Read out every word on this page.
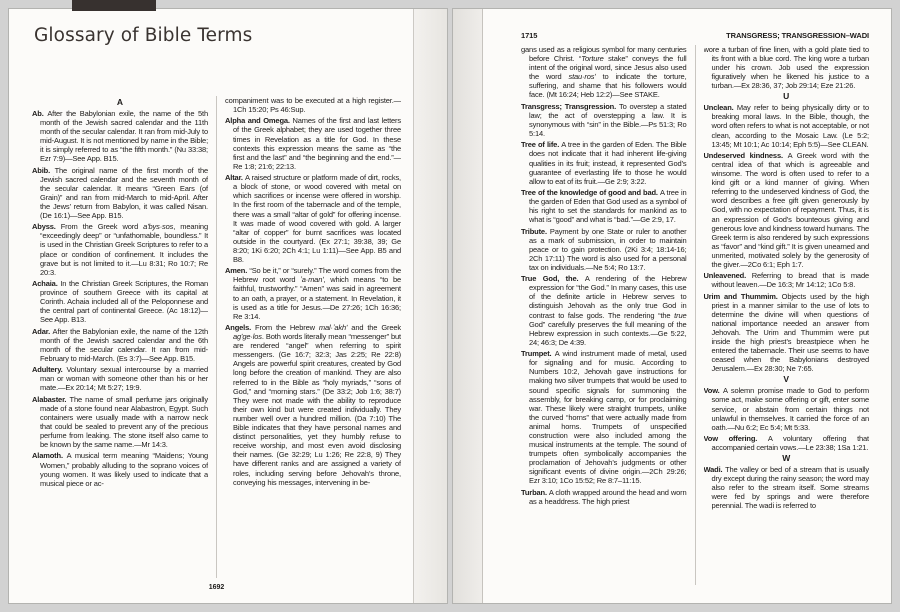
Glossary of Bible Terms

A

Ab. After the Babylonian exile, the name of the 5th month of the Jewish sacred calendar and the 11th month of the secular calendar. It ran from mid-July to mid-August. It is not mentioned by name in the Bible; it is simply referred to as “the fifth month.” (Nu 33:38; Ezr 7:9)—See App. B15.

Abib. The original name of the first month of the Jewish sacred calendar and the seventh month of the secular calendar. It means “Green Ears (of Grain)” and ran from mid-March to mid-April. After the Jews’ return from Babylon, it was called Nisan. (De 16:1)—See App. B15.

Abyss. From the Greek word aʹbys·sos, meaning “exceedingly deep” or “unfathomable, boundless.” It is used in the Christian Greek Scriptures to refer to a place or condition of confinement. It includes the grave but is not limited to it.—Lu 8:31; Ro 10:7; Re 20:3.

Achaia. In the Christian Greek Scriptures, the Roman province of southern Greece with its capital at Corinth. Achaia included all of the Peloponnese and the central part of continental Greece. (Ac 18:12)—See App. B13.

Adar. After the Babylonian exile, the name of the 12th month of the Jewish sacred calendar and the 6th month of the secular calendar. It ran from mid-February to mid-March. (Es 3:7)—See App. B15.

Adultery. Voluntary sexual intercourse by a married man or woman with someone other than his or her mate.—Ex 20:14; Mt 5:27; 19:9.

Alabaster. The name of small perfume jars originally made of a stone found near Alabastron, Egypt. Such containers were usually made with a narrow neck that could be sealed to prevent any of the precious perfume from leaking. The stone itself also came to be known by the same name.—Mr 14:3.

Alamoth. A musical term meaning “Maidens; Young Women,” probably alluding to the soprano voices of young women. It was likely used to indicate that a musical piece or ac-

companiment was to be executed at a high register.—1Ch 15:20; Ps 46:Sup.

Alpha and Omega. Names of the first and last letters of the Greek alphabet; they are used together three times in Revelation as a title for God. In these contexts this expression means the same as “the first and the last” and “the beginning and the end.”—Re 1:8; 21:6; 22:13.

Altar. A raised structure or platform made of dirt, rocks, a block of stone, or wood covered with metal on which sacrifices or incense were offered in worship. In the first room of the tabernacle and of the temple, there was a small “altar of gold” for offering incense. It was made of wood covered with gold. A larger “altar of copper” for burnt sacrifices was located outside in the courtyard. (Ex 27:1; 39:38, 39; Ge 8:20; 1Ki 6:20; 2Ch 4:1; Lu 1:11)—See App. B5 and B8.

Amen. “So be it,” or “surely.” The word comes from the Hebrew root word ʼa·manʹ, which means “to be faithful, trustworthy.” “Amen” was said in agreement to an oath, a prayer, or a statement. In Revelation, it is used as a title for Jesus.—De 27:26; 1Ch 16:36; Re 3:14.

Angels. From the Hebrew mal·ʼakhʹ and the Greek agʹge·los. Both words literally mean “messenger” but are rendered “angel” when referring to spirit messengers. (Ge 16:7; 32:3; Jas 2:25; Re 22:8) Angels are powerful spirit creatures, created by God long before the creation of mankind. They are also referred to in the Bible as “holy myriads,” “sons of God,” and “morning stars.” (De 33:2; Job 1:6; 38:7) They were not made with the ability to reproduce their own kind but were created individually. They number well over a hundred million. (Da 7:10) The Bible indicates that they have personal names and distinct personalities, yet they humbly refuse to receive worship, and most even avoid disclosing their names. (Ge 32:29; Lu 1:26; Re 22:8, 9) They have different ranks and are assigned a variety of roles, including serving before Jehovah’s throne, conveying his messages, intervening in be-

1692
1715	TRANSGRESS; TRANSGRESSION–WADI

gans used as a religious symbol for many centuries before Christ. “Torture stake” conveys the full intent of the original word, since Jesus also used the word stau·rosʹ to indicate the torture, suffering, and shame that his followers would face. (Mt 16:24; Heb 12:2)—See STAKE.

Transgress; Transgression. To overstep a stated law; the act of overstepping a law. It is synonymous with “sin” in the Bible.—Ps 51:3; Ro 5:14.

Tree of life. A tree in the garden of Eden. The Bible does not indicate that it had inherent life-giving qualities in its fruit; instead, it represented God’s guarantee of everlasting life to those he would allow to eat of its fruit.—Ge 2:9; 3:22.

Tree of the knowledge of good and bad. A tree in the garden of Eden that God used as a symbol of his right to set the standards for mankind as to what is “good” and what is “bad.”—Ge 2:9, 17.

Tribute. Payment by one State or ruler to another as a mark of submission, in order to maintain peace or to gain protection. (2Ki 3:4; 18:14-16; 2Ch 17:11) The word is also used for a personal tax on individuals.—Ne 5:4; Ro 13:7.

True God, the. A rendering of the Hebrew expression for “the God.” In many cases, this use of the definite article in Hebrew serves to distinguish Jehovah as the only true God in contrast to false gods. The rendering “the true God” carefully preserves the full meaning of the Hebrew expression in such contexts.—Ge 5:22, 24; 46:3; De 4:39.

Trumpet. A wind instrument made of metal, used for signaling and for music. According to Numbers 10:2, Jehovah gave instructions for making two silver trumpets that would be used to sound specific signals for summoning the assembly, for breaking camp, or for proclaiming war. These likely were straight trumpets, unlike the curved “horns” that were actually made from animal horns. Trumpets of unspecified construction were also included among the musical instruments at the temple. The sound of trumpets often symbolically accompanies the proclamation of Jehovah’s judgments or other significant events of divine origin.—2Ch 29:26; Ezr 3:10; 1Co 15:52; Re 8:7–11:15.

Turban. A cloth wrapped around the head and worn as a headdress. The high priest

wore a turban of fine linen, with a gold plate tied to its front with a blue cord. The king wore a turban under his crown. Job used the expression figuratively when he likened his justice to a turban.—Ex 28:36, 37; Job 29:14; Eze 21:26.

U

Unclean. May refer to being physically dirty or to breaking moral laws. In the Bible, though, the word often refers to what is not acceptable, or not clean, according to the Mosaic Law. (Le 5:2; 13:45; Mt 10:1; Ac 10:14; Eph 5:5)—See CLEAN.

Undeserved kindness. A Greek word with the central idea of that which is agreeable and winsome. The word is often used to refer to a kind gift or a kind manner of giving. When referring to the undeserved kindness of God, the word describes a free gift given generously by God, with no expectation of repayment. Thus, it is an expression of God’s bounteous giving and generous love and kindness toward humans. The Greek term is also rendered by such expressions as “favor” and “kind gift.” It is given unearned and unmerited, motivated solely by the generosity of the giver.—2Co 6:1; Eph 1:7.

Unleavened. Referring to bread that is made without leaven.—De 16:3; Mr 14:12; 1Co 5:8.

Urim and Thummim. Objects used by the high priest in a manner similar to the use of lots to determine the divine will when questions of national importance needed an answer from Jehovah. The Urim and Thummim were put inside the high priest’s breastpiece when he entered the tabernacle. Their use seems to have ceased when the Babylonians destroyed Jerusalem.—Ex 28:30; Ne 7:65.

V

Vow. A solemn promise made to God to perform some act, make some offering or gift, enter some service, or abstain from certain things not unlawful in themselves. It carried the force of an oath.—Nu 6:2; Ec 5:4; Mt 5:33.

Vow offering. A voluntary offering that accompanied certain vows.—Le 23:38; 1Sa 1:21.

W

Wadi. The valley or bed of a stream that is usually dry except during the rainy season; the word may also refer to the stream itself. Some streams were fed by springs and were therefore perennial. The wadi is referred to
